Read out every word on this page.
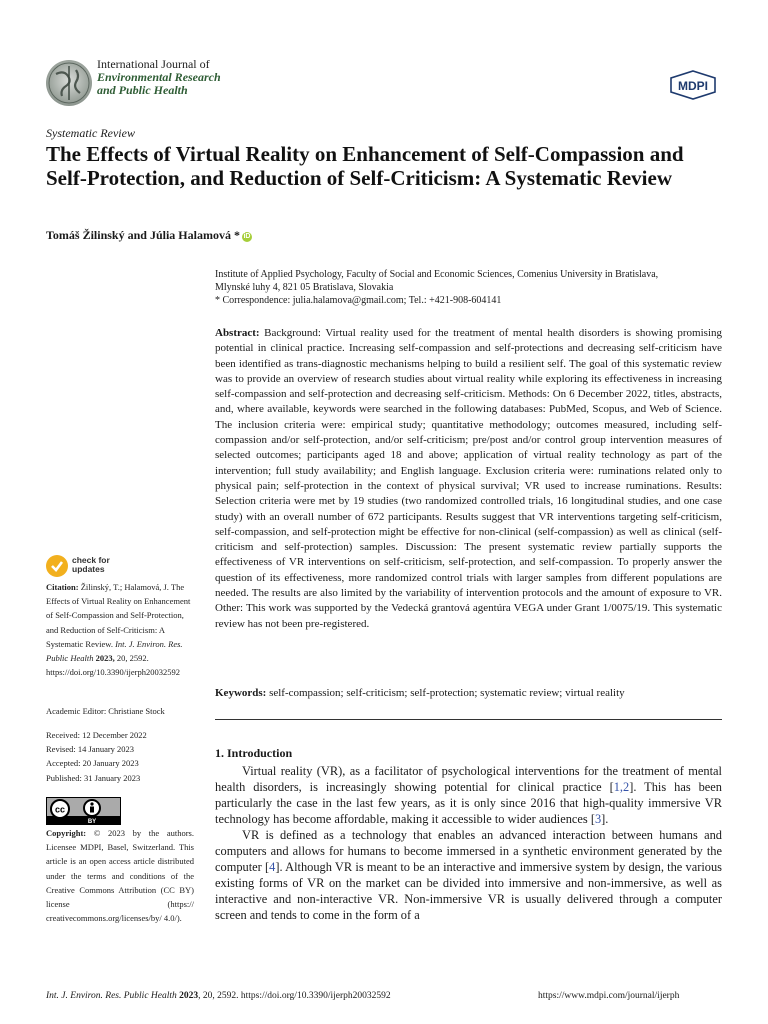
International Journal of
Environmental Research
and Public Health	MDPI
Systematic Review
The Effects of Virtual Reality on Enhancement of Self-Compassion and Self-Protection, and Reduction of Self-Criticism: A Systematic Review
Tomáš Žilinský and Júlia Halamová * iD
Institute of Applied Psychology, Faculty of Social and Economic Sciences, Comenius University in Bratislava,
Mlynské luhy 4, 821 05 Bratislava, Slovakia
* Correspondence: julia.halamova@gmail.com; Tel.: +421-908-604141
Abstract: Background: Virtual reality used for the treatment of mental health disorders is showing promising potential in clinical practice. Increasing self-compassion and self-protections and decreasing self-criticism have been identified as trans-diagnostic mechanisms helping to build a resilient self. The goal of this systematic review was to provide an overview of research studies about virtual reality while exploring its effectiveness in increasing self-compassion and self-protection and decreasing self-criticism. Methods: On 6 December 2022, titles, abstracts, and, where available, keywords were searched in the following databases: PubMed, Scopus, and Web of Science. The inclusion criteria were: empirical study; quantitative methodology; outcomes measured, including self-compassion and/or self-protection, and/or self-criticism; pre/post and/or control group intervention measures of selected outcomes; participants aged 18 and above; application of virtual reality technology as part of the intervention; full study availability; and English language. Exclusion criteria were: ruminations related only to physical pain; self-protection in the context of physical survival; VR used to increase ruminations. Results: Selection criteria were met by 19 studies (two randomized controlled trials, 16 longitudinal studies, and one case study) with an overall number of 672 participants. Results suggest that VR interventions targeting self-criticism, self-compassion, and self-protection might be effective for non-clinical (self-compassion) as well as clinical (self-criticism and self-protection) samples. Discussion: The present systematic review partially supports the effectiveness of VR interventions on self-criticism, self-protection, and self-compassion. To properly answer the question of its effectiveness, more randomized control trials with larger samples from different populations are needed. The results are also limited by the variability of intervention protocols and the amount of exposure to VR. Other: This work was supported by the Vedecká grantová agentúra VEGA under Grant 1/0075/19. This systematic review has not been pre-registered.
Keywords: self-compassion; self-criticism; self-protection; systematic review; virtual reality
check for
updates
Citation: Žilinský, T.; Halamová, J. The Effects of Virtual Reality on Enhancement of Self-Compassion and Self-Protection, and Reduction of Self-Criticism: A Systematic Review. Int. J. Environ. Res. Public Health 2023, 20, 2592. https://doi.org/10.3390/ijerph20032592
Academic Editor: Christiane Stock
Received: 12 December 2022
Revised: 14 January 2023
Accepted: 20 January 2023
Published: 31 January 2023
cc
BY
Copyright: © 2023 by the authors. Licensee MDPI, Basel, Switzerland. This article is an open access article distributed under the terms and conditions of the Creative Commons Attribution (CC BY) license (https:// creativecommons.org/licenses/by/ 4.0/).
1. Introduction

Virtual reality (VR), as a facilitator of psychological interventions for the treatment of mental health disorders, is increasingly showing potential for clinical practice [1,2]. This has been particularly the case in the last few years, as it is only since 2016 that high-quality immersive VR technology has become affordable, making it accessible to wider audiences [3].

VR is defined as a technology that enables an advanced interaction between humans and computers and allows for humans to become immersed in a synthetic environment generated by the computer [4]. Although VR is meant to be an interactive and immersive system by design, the various existing forms of VR on the market can be divided into immersive and non-immersive, as well as interactive and non-interactive VR. Non-immersive VR is usually delivered through a computer screen and tends to come in the form of a

Int. J. Environ. Res. Public Health 2023, 20, 2592. https://doi.org/10.3390/ijerph20032592	https://www.mdpi.com/journal/ijerph
